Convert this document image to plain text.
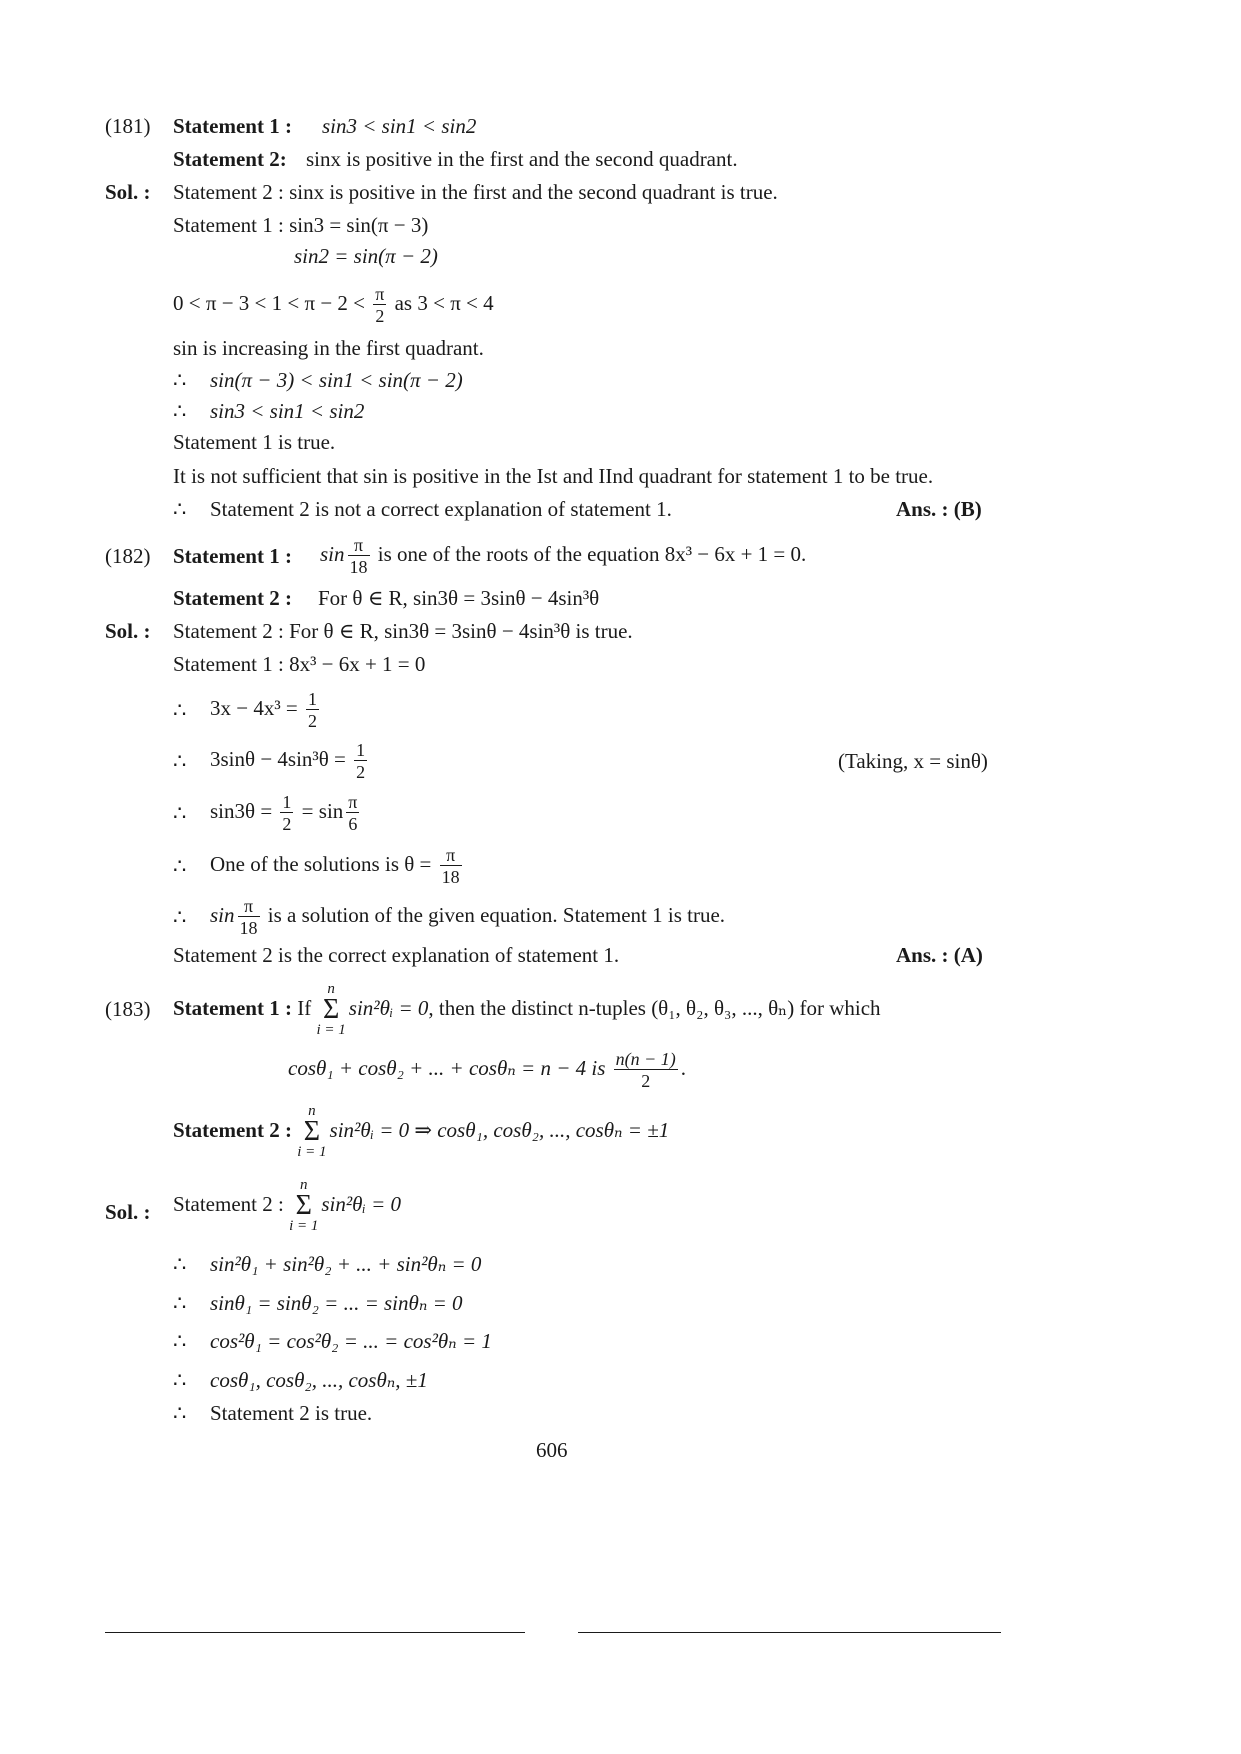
(181) Statement 1 : sin3 < sin1 < sin2
Statement 2: sinx is positive in the first and the second quadrant.
Sol. : Statement 2 : sinx is positive in the first and the second quadrant is true.
Statement 1 : sin3 = sin(π − 3)
sin2 = sin(π − 2)
$0 < \pi - 3 < 1 < \pi - 2 < \frac{\pi}{2}$ as 3 < π < 4
sin is increasing in the first quadrant.
∴ sin(π − 3) < sin1 < sin(π − 2)
∴ sin3 < sin1 < sin2
Statement 1 is true.
It is not sufficient that sin is positive in the Ist and IInd quadrant for statement 1 to be true.
∴ Statement 2 is not a correct explanation of statement 1.	Ans. : (B)
(182) Statement 1 : $\sin \frac{\pi}{18}$ is one of the roots of the equation 8x³ − 6x + 1 = 0.
Statement 2 : For θ ∈ R, sin3θ = 3sinθ − 4sin³θ
Sol. : Statement 2 : For θ ∈ R, sin3θ = 3sinθ − 4sin³θ is true.
Statement 1 : 8x³ − 6x + 1 = 0
∴ $3x - 4x^3 = \frac{1}{2}$
∴ $3\sin\theta - 4\sin^3\theta = \frac{1}{2}$	(Taking, x = sinθ)
∴ $\sin 3\theta = \frac{1}{2} = \sin \frac{\pi}{6}$
∴ One of the solutions is $\theta = \frac{\pi}{18}$
∴ $\sin \frac{\pi}{18}$ is a solution of the given equation. Statement 1 is true.
Statement 2 is the correct explanation of statement 1.	Ans. : (A)
(183) Statement 1 : If
n
Σ
i = 1
sin²θᵢ = 0, then the distinct n-tuples (θ₁, θ₂, θ₃, ..., θₙ) for which
cosθ₁ + cosθ₂ + ... + cosθₙ = n − 4 is $\frac{n(n - 1)}{2}$ .
Statement 2 :
n
Σ
i = 1
sin²θᵢ = 0 ⇒ cosθ₁, cosθ₂, ..., cosθₙ = ±1
Sol. : Statement 2 :
n
Σ
i = 1
sin²θᵢ = 0
∴ sin²θ₁ + sin²θ₂ + ... + sin²θₙ = 0
∴ sinθ₁ = sinθ₂ = ... = sinθₙ = 0
∴ cos²θ₁ = cos²θ₂ = ... = cos²θₙ = 1
∴ cosθ₁, cosθ₂, ..., cosθₙ, ±1
∴ Statement 2 is true.
606
